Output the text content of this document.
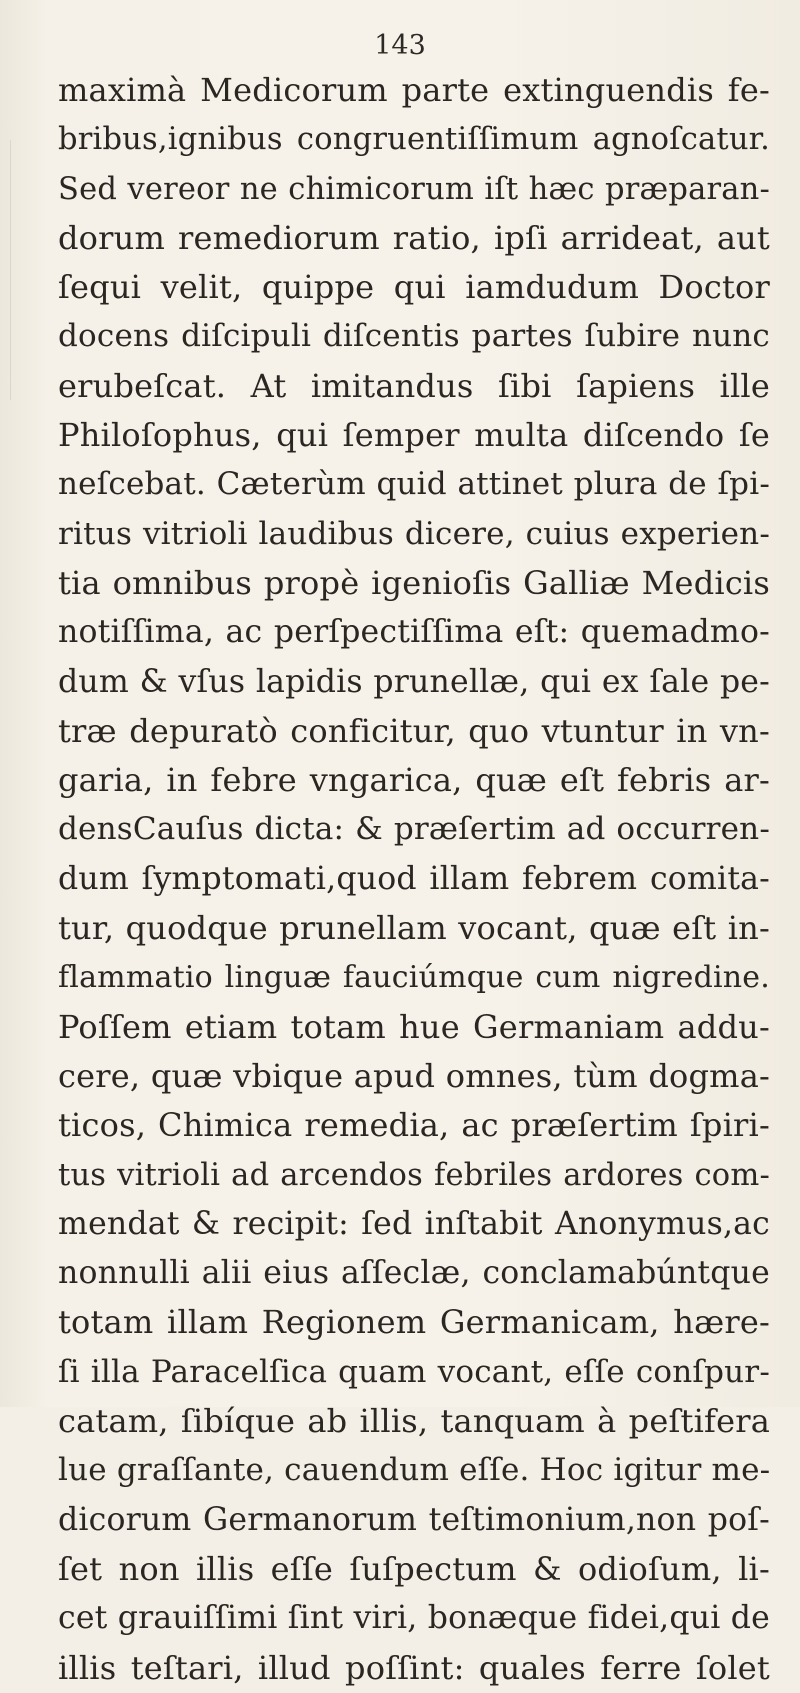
143
maximà Medicorum parte extinguendis fe-
bribus,ignibus congruentiſſimum agnoſcatur.
Sed vereor ne chimicorum iſt hæc præparan-
dorum remediorum ratio, ipſi arrideat, aut
ſequi velit, quippe qui iamdudum Doctor
docens diſcipuli diſcentis partes ſubire nunc
erubeſcat. At imitandus ſibi ſapiens ille
Philoſophus, qui ſemper multa diſcendo ſe
neſcebat. Cæterùm quid attinet plura de ſpi-
ritus vitrioli laudibus dicere, cuius experien-
tia omnibus propè igenioſis Galliæ Medicis
notiſſima, ac perſpectiſſima eſt: quemadmo-
dum & vſus lapidis prunellæ, qui ex ſale pe-
træ depuratò conficitur, quo vtuntur in vn-
garia, in febre vngarica, quæ eſt febris ar-
densCauſus dicta: & præſertim ad occurren-
dum ſymptomati,quod illam febrem comita-
tur, quodque prunellam vocant, quæ eſt in-
flammatio linguæ fauciúmque cum nigredine.
Poſſem etiam totam hue Germaniam addu-
cere, quæ vbique apud omnes, tùm dogma-
ticos, Chimica remedia, ac præſertim ſpiri-
tus vitrioli ad arcendos febriles ardores com-
mendat & recipit: ſed inſtabit Anonymus,ac
nonnulli alii eius aſſeclæ, conclamabúntque
totam illam Regionem Germanicam, hære-
ſi illa Paracelſica quam vocant, eſſe conſpur-
catam, ſibíque ab illis, tanquam à peſtifera
lue graſſante, cauendum eſſe. Hoc igitur me-
dicorum Germanorum teſtimonium,non poſ-
ſet non illis eſſe ſuſpectum & odioſum, li-
cet grauiſſimi ſint viri, bonæque fidei,qui de
illis teſtari, illud poſſint: quales ferre ſolet
